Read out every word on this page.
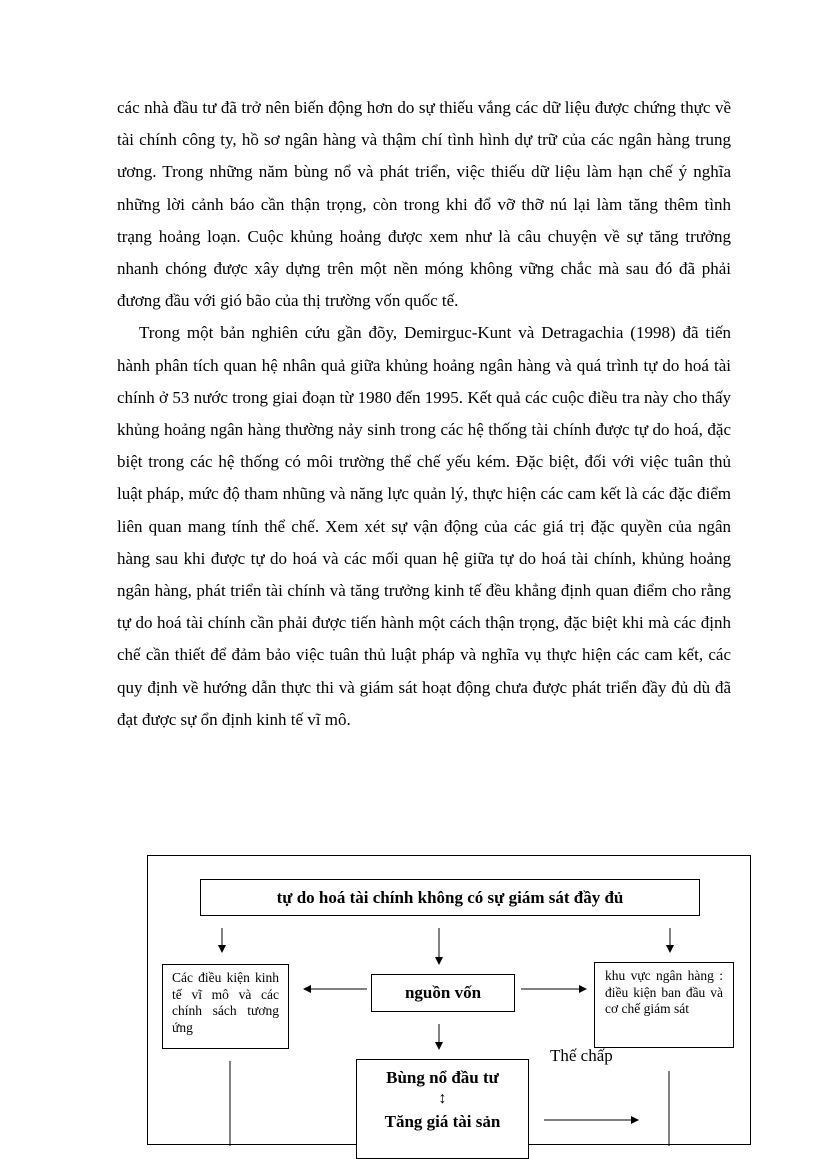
các nhà đầu tư đã trở nên biến động hơn do sự thiếu vắng các dữ liệu được chứng thực về tài chính công ty, hồ sơ ngân hàng và thậm chí tình hình dự trữ của các ngân hàng trung ương. Trong những năm bùng nổ và phát triển, việc thiếu dữ liệu làm hạn chế ý nghĩa những lời cảnh báo cần thận trọng, còn trong khi đổ vỡ thỡ nú lại làm tăng thêm tình trạng hoảng loạn. Cuộc khủng hoảng được xem như là câu chuyện về sự tăng trưởng nhanh chóng được xây dựng trên một nền móng không vững chắc mà sau đó đã phải đương đầu với gió bão của thị trường vốn quốc tế.

Trong một bản nghiên cứu gần đõy, Demirguc-Kunt và Detragachia (1998) đã tiến hành phân tích quan hệ nhân quả giữa khủng hoảng ngân hàng và quá trình tự do hoá tài chính ở 53 nước trong giai đoạn từ 1980 đến 1995. Kết quả các cuộc điều tra này cho thấy khủng hoảng ngân hàng thường nảy sinh trong các hệ thống tài chính được tự do hoá, đặc biệt trong các hệ thống có môi trường thể chế yếu kém. Đặc biệt, đối với việc tuân thủ luật pháp, mức độ tham nhũng và năng lực quản lý, thực hiện các cam kết là các đặc điểm liên quan mang tính thể chế. Xem xét sự vận động của các giá trị đặc quyền của ngân hàng sau khi được tự do hoá và các mối quan hệ giữa tự do hoá tài chính, khủng hoảng ngân hàng, phát triển tài chính và tăng trưởng kinh tế đều khẳng định quan điểm cho rằng tự do hoá tài chính cần phải được tiến hành một cách thận trọng, đặc biệt khi mà các định chế cần thiết để đảm bảo việc tuân thủ luật pháp và nghĩa vụ thực hiện các cam kết, các quy định về hướng dẫn thực thi và giám sát hoạt động chưa được phát triển đầy đủ dù đã đạt được sự ổn định kinh tế vĩ mô.

tự do hoá tài chính không có sự giám sát đầy đủ
Các điều kiện kinh tế vĩ mô và các chính sách tương ứng
nguồn vốn
khu vực ngân hàng : điều kiện ban đầu và cơ chế giám sát
Thế chấp
Bùng nổ đầu tư
↕
Tăng giá tài sản
